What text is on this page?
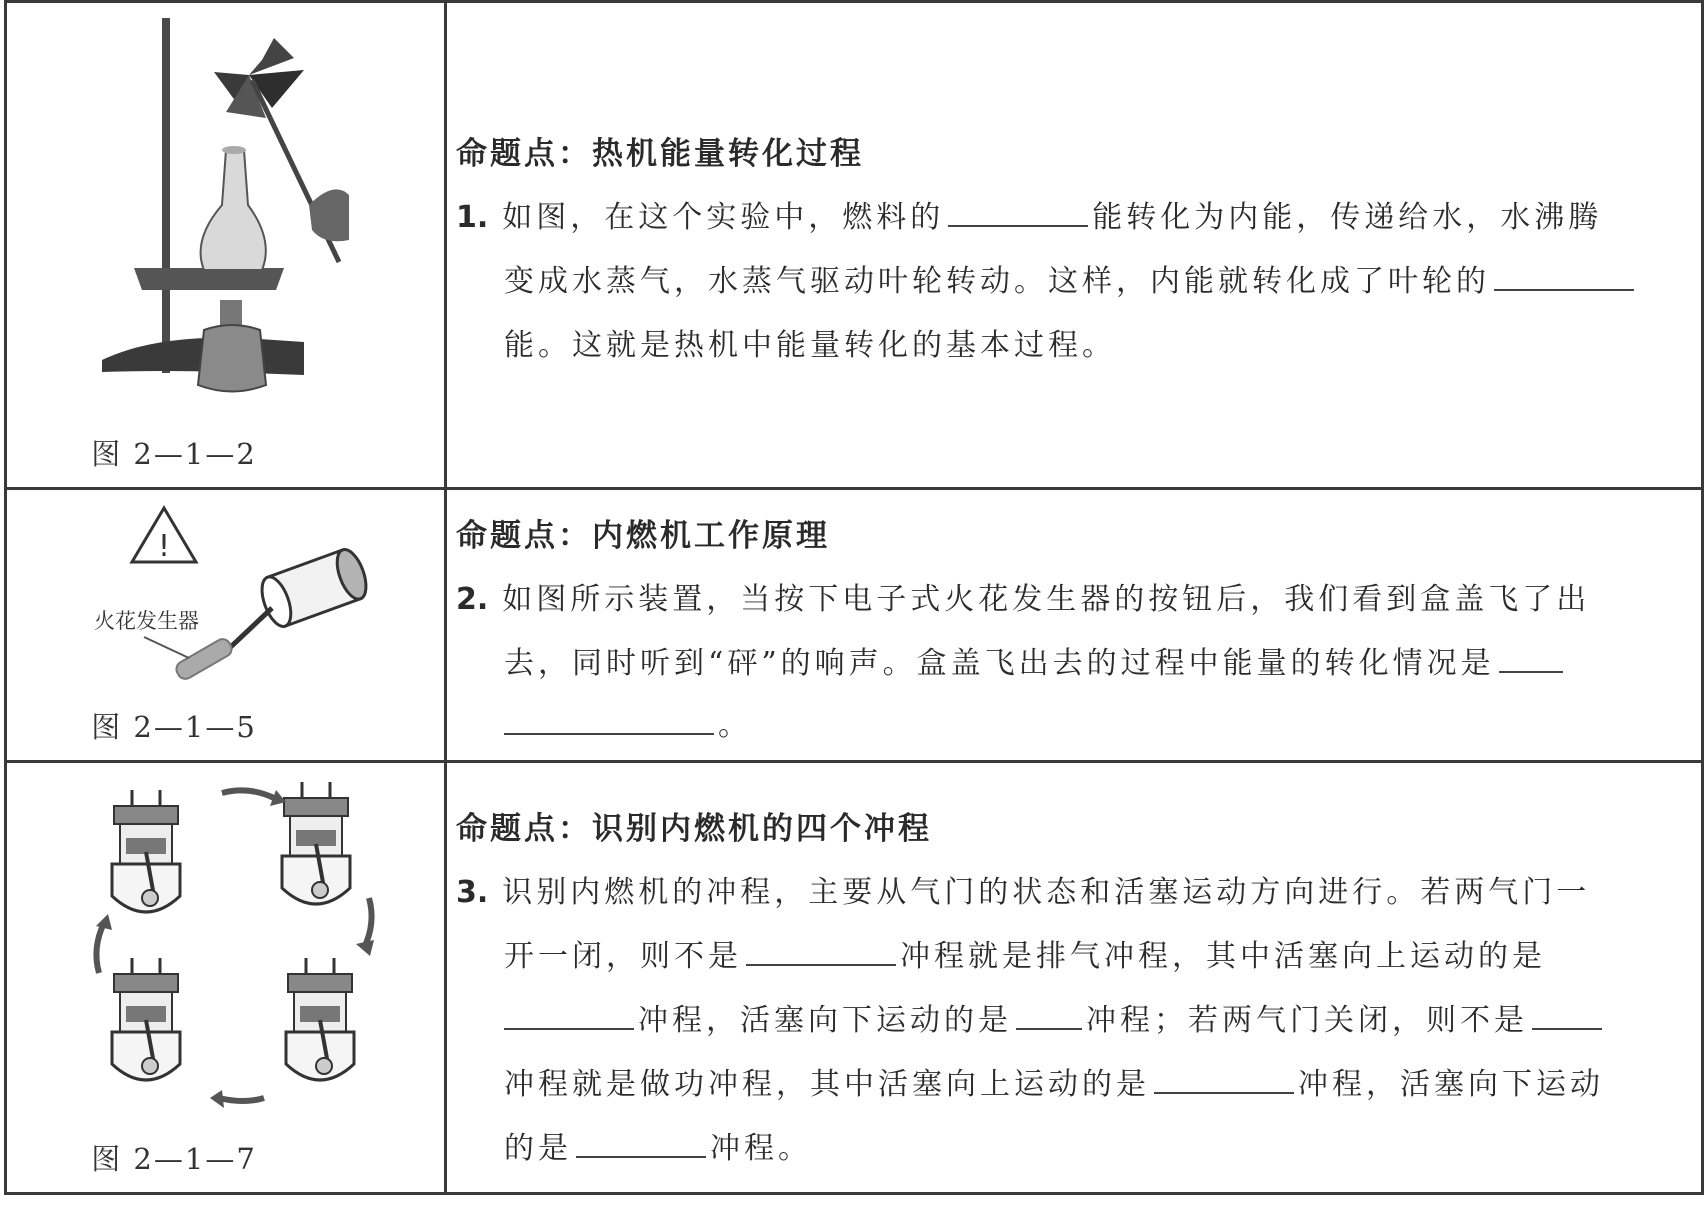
图 2—1—2
命题点：热机能量转化过程
1. 如图，在这个实验中，燃料的	能转化为内能，传递给水，水沸腾
变成水蒸气，水蒸气驱动叶轮转动。这样，内能就转化成了叶轮的
能。这就是热机中能量转化的基本过程。
!
火花发生器
图 2—1—5
命题点：内燃机工作原理
2. 如图所示装置，当按下电子式火花发生器的按钮后，我们看到盒盖飞了出
去，同时听到“砰”的响声。盒盖飞出去的过程中能量的转化情况是
。
图 2—1—7
命题点：识别内燃机的四个冲程
3. 识别内燃机的冲程，主要从气门的状态和活塞运动方向进行。若两气门一
开一闭，则不是	冲程就是排气冲程，其中活塞向上运动的是
冲程，活塞向下运动的是 冲程；若两气门关闭，则不是
冲程就是做功冲程，其中活塞向上运动的是	冲程，活塞向下运动
的是	冲程。
